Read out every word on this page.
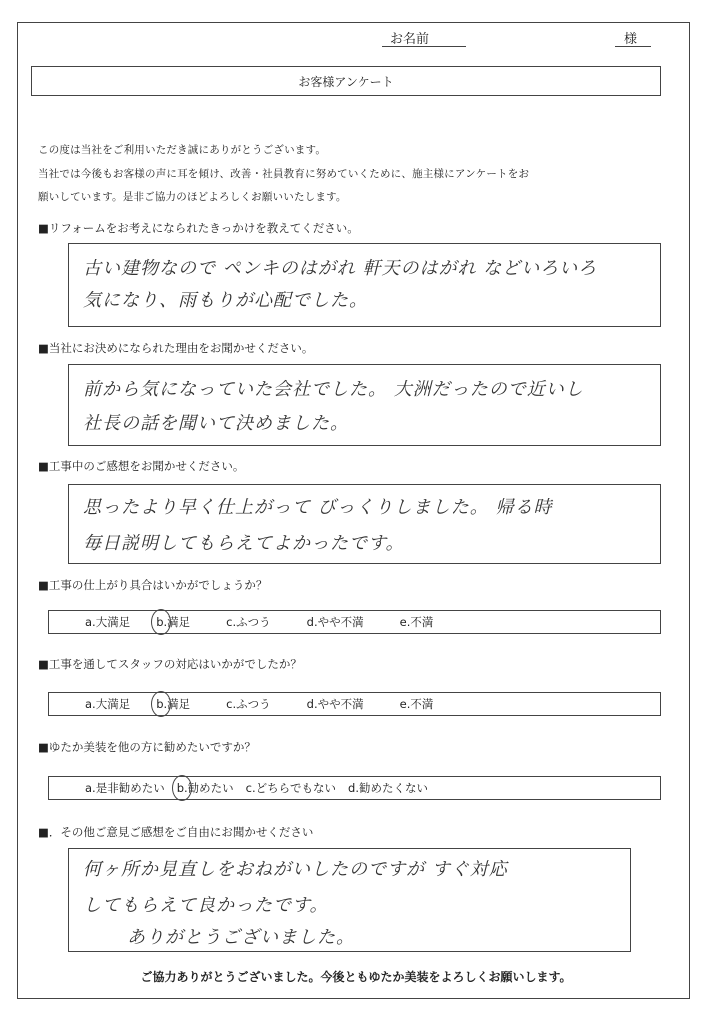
お名前	様
お客様アンケート
この度は当社をご利用いただき誠にありがとうございます。
当社では今後もお客様の声に耳を傾け、改善・社員教育に努めていくために、施主様にアンケートをお
願いしています。是非ご協力のほどよろしくお願いいたします。
■リフォームをお考えになられたきっかけを教えてください。
古い建物なので ペンキのはがれ 軒天のはがれ などいろいろ
気になり、雨もりが心配でした。
■当社にお決めになられた理由をお聞かせください。
前から気になっていた会社でした。 大洲だったので近いし
社長の話を聞いて決めました。
■工事中のご感想をお聞かせください。
思ったより早く仕上がって びっくりしました。 帰る時
毎日説明してもらえてよかったです。
■工事の仕上がり具合はいかがでしょうか？
a.大満足 b.満足	c.ふつう	d.やや不満	e.不満
■工事を通してスタッフの対応はいかがでしたか？
a.大満足 b.満足	c.ふつう	d.やや不満	e.不満
■ゆたか美装を他の方に勧めたいですか？
a.是非勧めたい b.勧めたい c.どちらでもない d.勧めたくない
■．その他ご意見ご感想をご自由にお聞かせください
何ヶ所か見直しをおねがいしたのですが すぐ対応
してもらえて良かったです。
ありがとうございました。
ご協力ありがとうございました。今後ともゆたか美装をよろしくお願いします。
